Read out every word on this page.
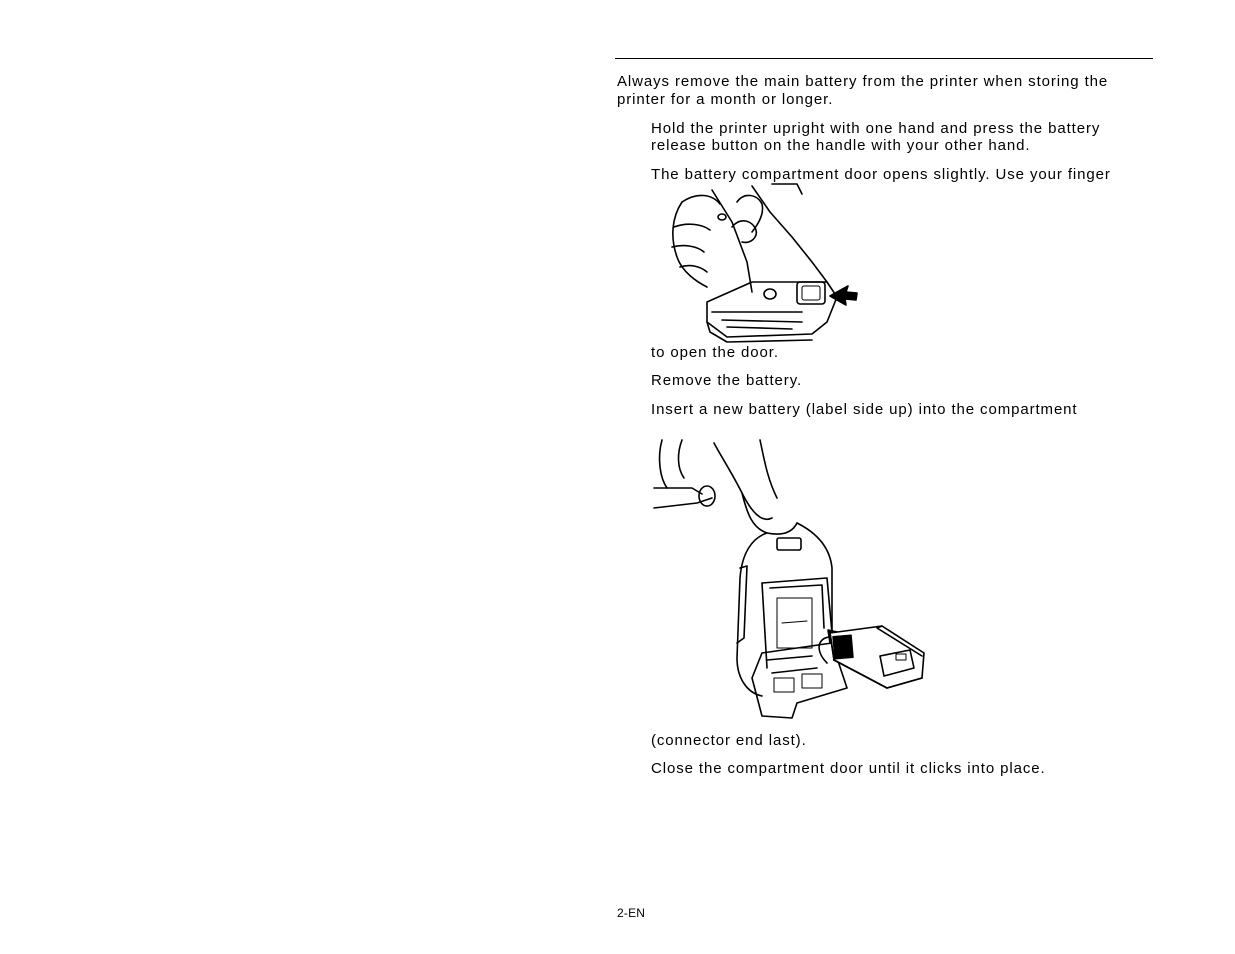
Always remove the main battery from the printer when storing the
printer for a month or longer.
Hold the printer upright with one hand and press the battery
release button on the handle with your other hand.
The battery compartment door opens slightly. Use your finger
to open the door.
Remove the battery.
Insert a new battery (label side up) into the compartment
(connector end last).
Close the compartment door until it clicks into place.
2-EN
